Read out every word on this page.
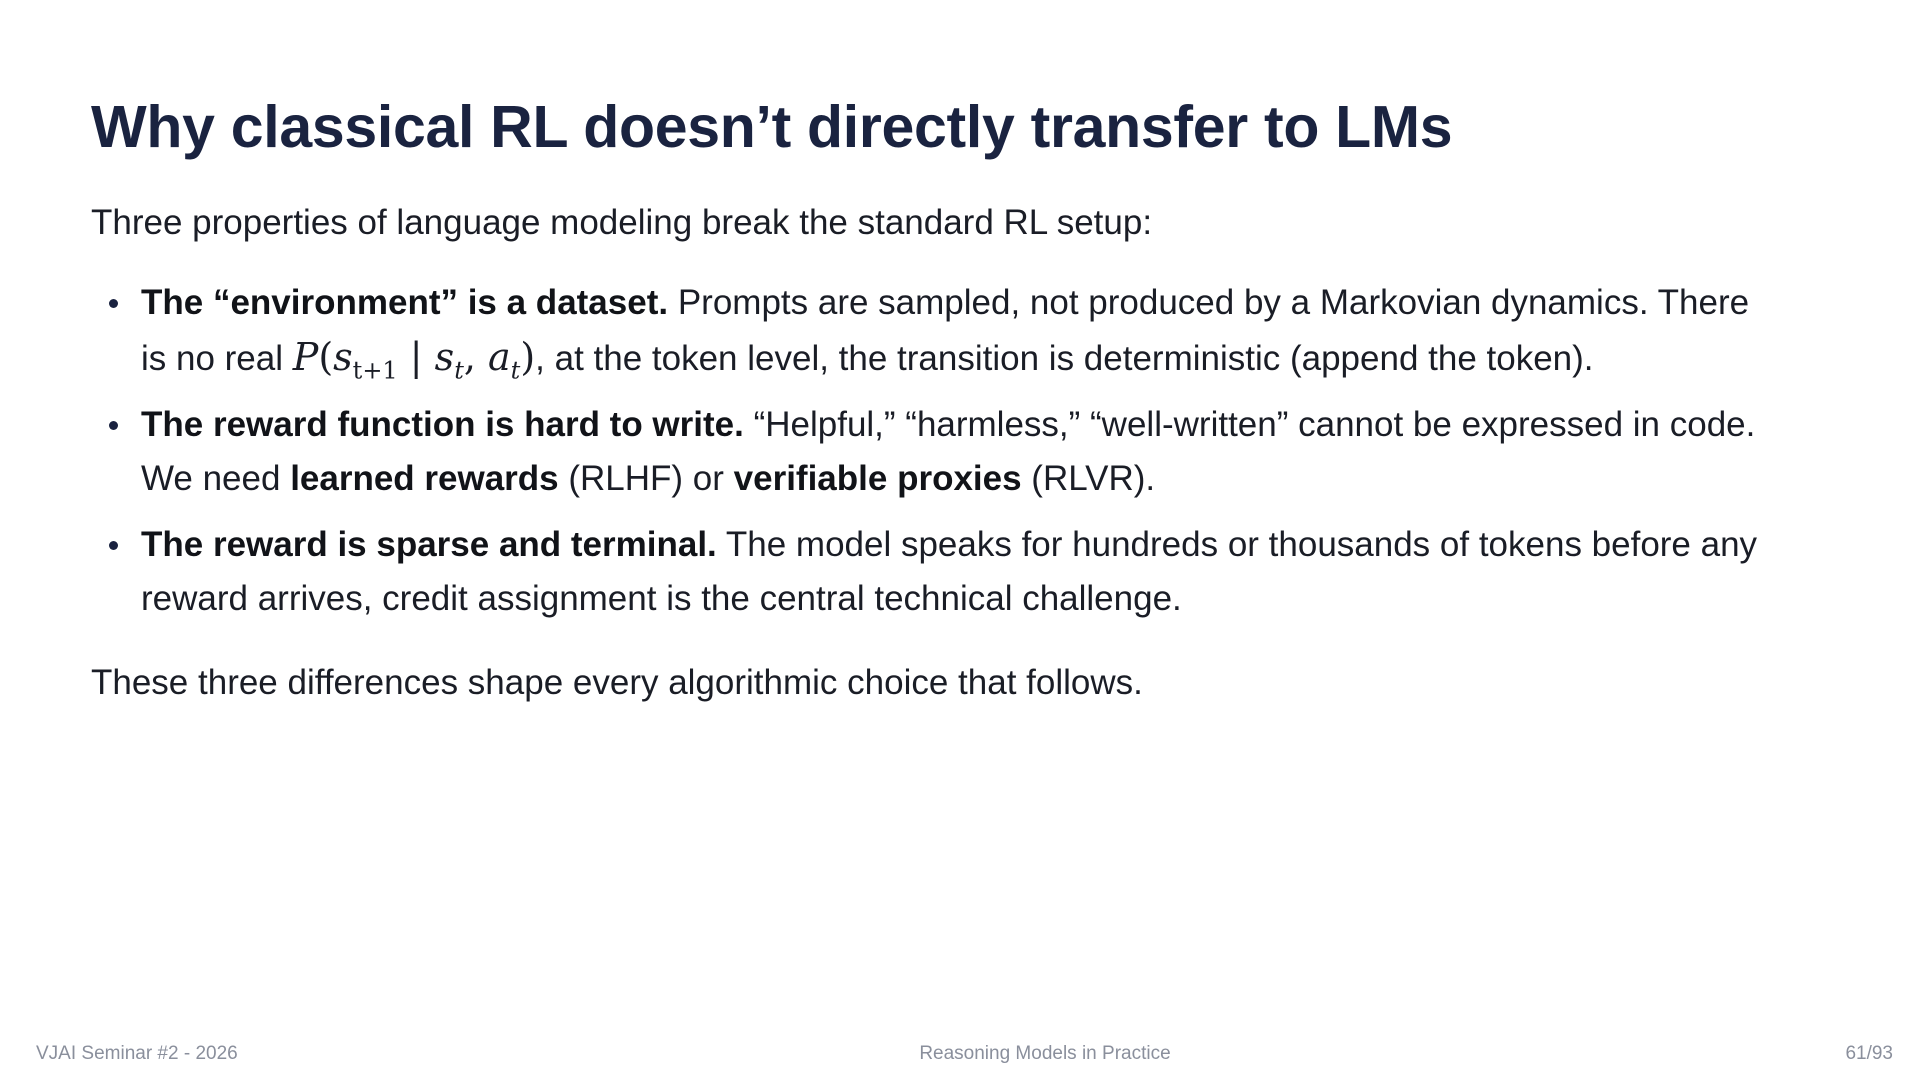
Why classical RL doesn’t directly transfer to LMs

Three properties of language modeling break the standard RL setup:

The “environment” is a dataset. Prompts are sampled, not produced by a Markovian dynamics. There
is no real $P(s_{t+1}$ | $s_t$, $a_t$), at the token level, the transition is deterministic (append the token).
The reward function is hard to write. “Helpful,” “harmless,” “well-written” cannot be expressed in code.
We need learned rewards (RLHF) or verifiable proxies (RLVR).
The reward is sparse and terminal. The model speaks for hundreds or thousands of tokens before any
reward arrives, credit assignment is the central technical challenge.

These three differences shape every algorithmic choice that follows.

VJAI Seminar #2 - 2026	Reasoning Models in Practice	61/93
